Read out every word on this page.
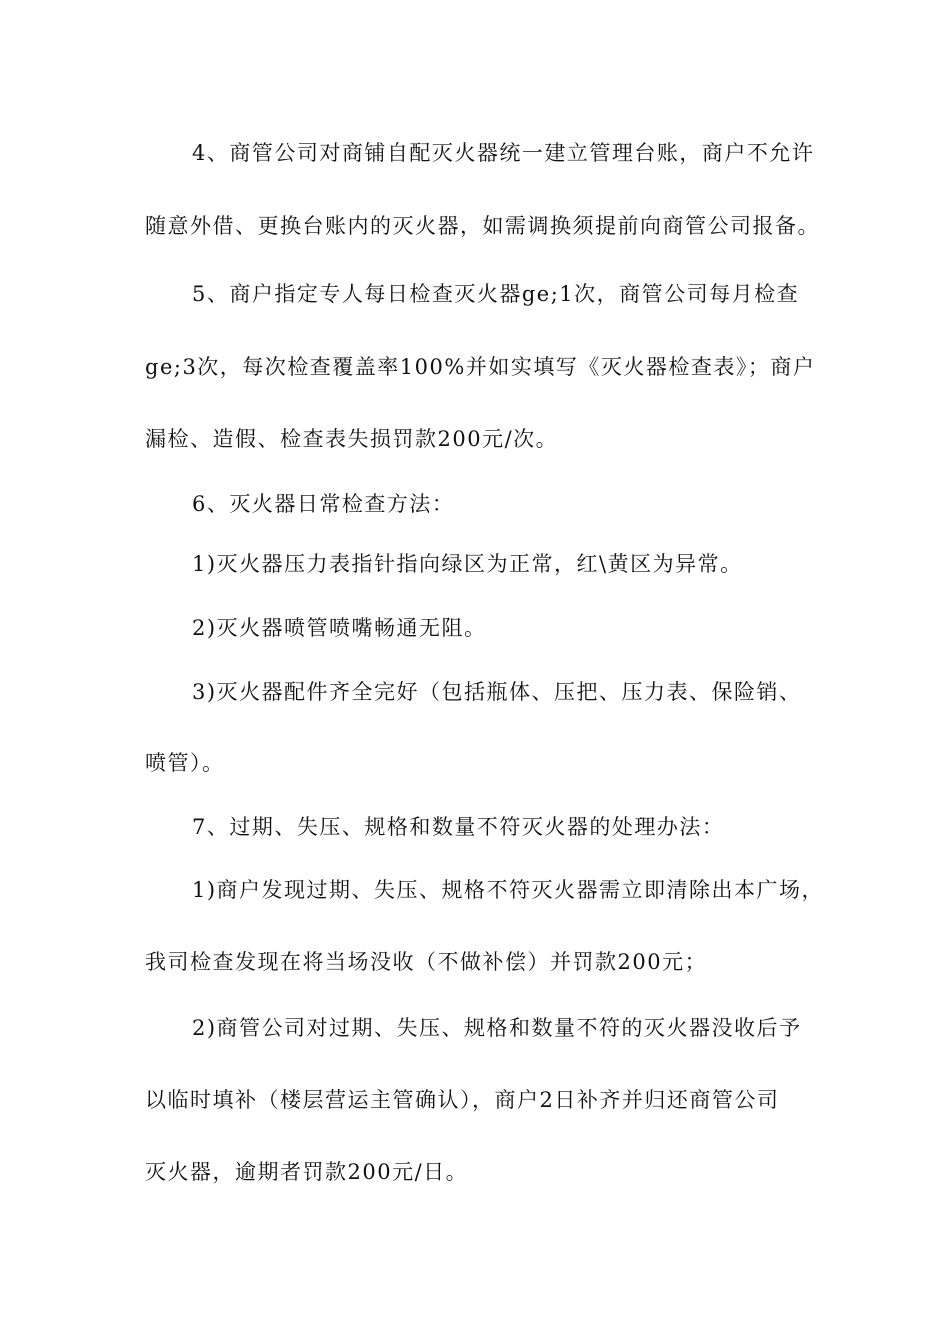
4、商管公司对商铺自配灭火器统一建立管理台账，商户不允许
随意外借、更换台账内的灭火器，如需调换须提前向商管公司报备。
5、商户指定专人每日检查灭火器ge;1次，商管公司每月检查
ge;3次，每次检查覆盖率100%并如实填写《灭火器检查表》；商户
漏检、造假、检查表失损罚款200元/次。
6、灭火器日常检查方法：
1)灭火器压力表指针指向绿区为正常，红\黄区为异常。
2)灭火器喷管喷嘴畅通无阻。
3)灭火器配件齐全完好（包括瓶体、压把、压力表、保险销、
喷管）。
7、过期、失压、规格和数量不符灭火器的处理办法：
1)商户发现过期、失压、规格不符灭火器需立即清除出本广场，
我司检查发现在将当场没收（不做补偿）并罚款200元；
2)商管公司对过期、失压、规格和数量不符的灭火器没收后予
以临时填补（楼层营运主管确认），商户2日补齐并归还商管公司
灭火器，逾期者罚款200元/日。
